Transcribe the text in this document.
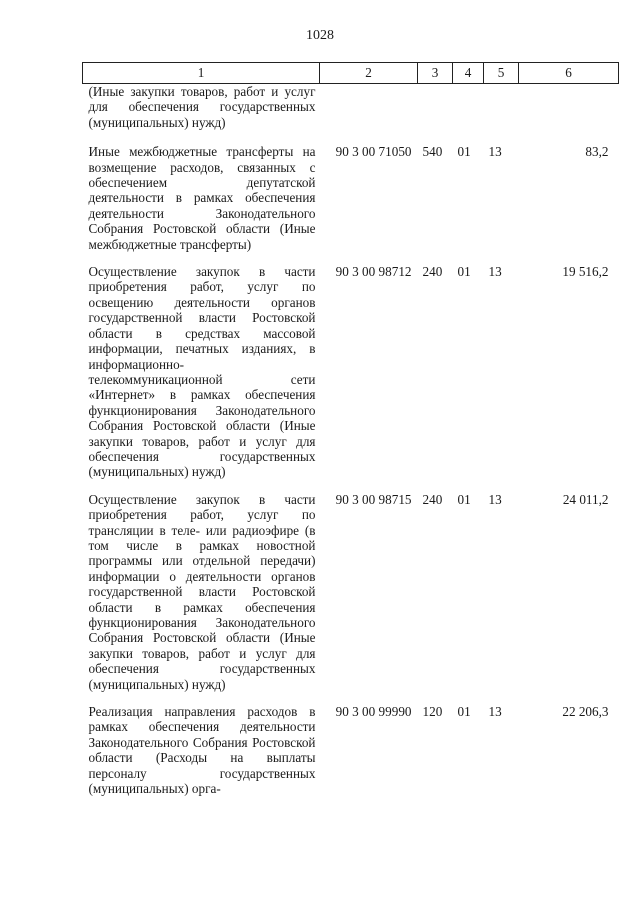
1028
1	2	3	4	5	6
(Иные закупки товаров, работ и услуг для обеспечения государственных (муниципальных) нужд)					
Иные межбюджетные трансферты на возмещение расходов, связанных с обеспечением депутатской деятельности в рамках обеспечения деятельности Законодательного Собрания Ростовской области (Иные межбюджетные трансферты)	90 3 00 71050	540	01	13	83,2
Осуществление закупок в части приобретения работ, услуг по освещению деятельности органов государственной власти Ростовской области в средствах массовой информации, печатных изданиях, в информационно-телекоммуникационной сети «Интернет» в рамках обеспечения функционирования Законодательного Собрания Ростовской области (Иные закупки товаров, работ и услуг для обеспечения государственных (муниципальных) нужд)	90 3 00 98712	240	01	13	19 516,2
Осуществление закупок в части приобретения работ, услуг по трансляции в теле- или радиоэфире (в том числе в рамках новостной программы или отдельной передачи) информации о деятельности органов государственной власти Ростовской области в рамках обеспечения функционирования Законодательного Собрания Ростовской области (Иные закупки товаров, работ и услуг для обеспечения государственных (муниципальных) нужд)	90 3 00 98715	240	01	13	24 011,2
Реализация направления расходов в рамках обеспечения деятельности Законодательного Собрания Ростовской области (Расходы на выплаты персоналу государственных (муниципальных) орга-	90 3 00 99990	120	01	13	22 206,3
